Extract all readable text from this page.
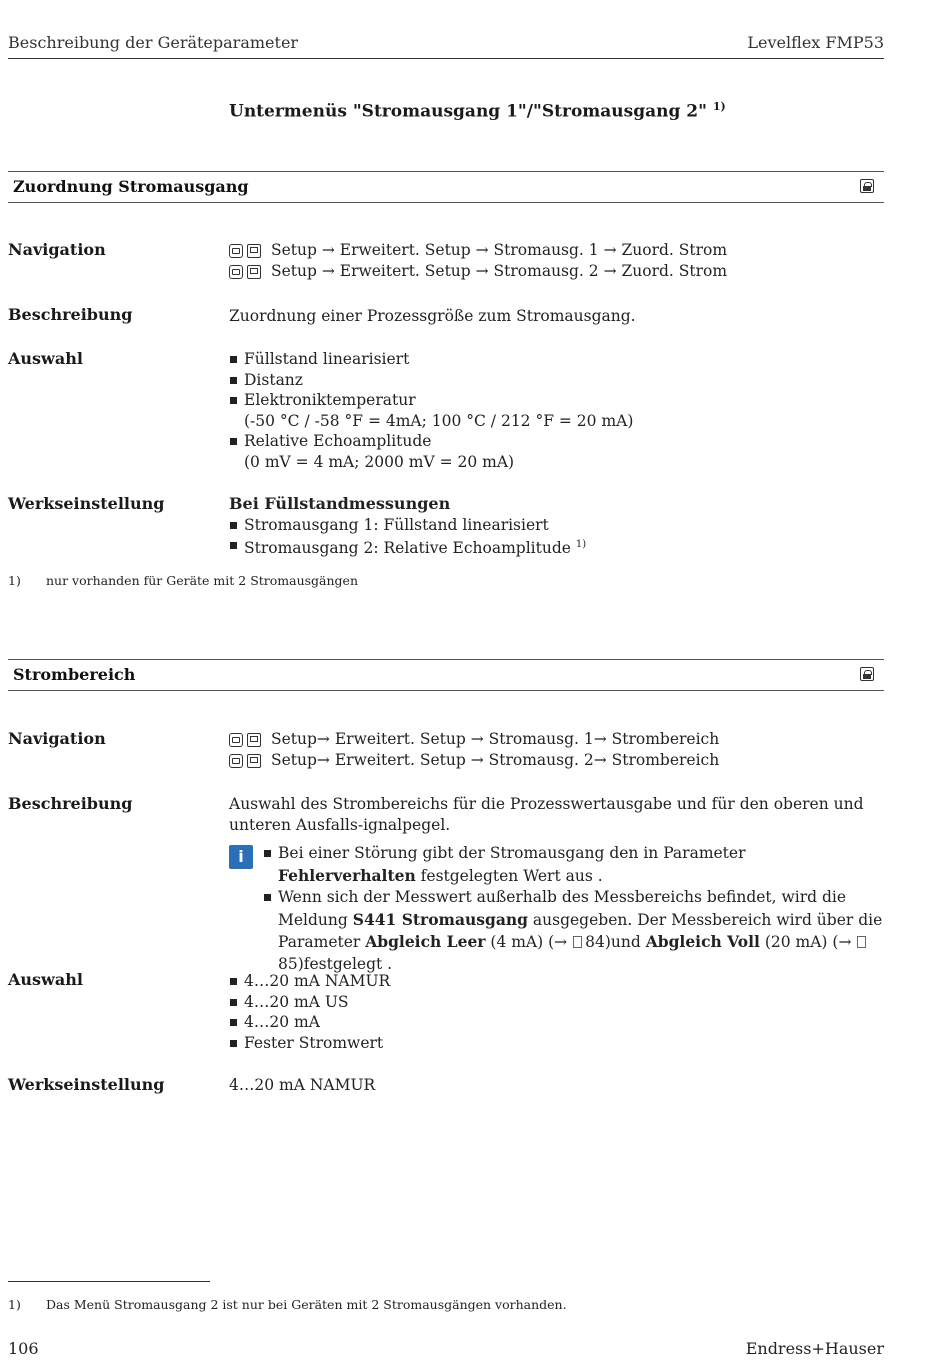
Beschreibung der Geräteparameter	Levelflex FMP53
Untermenüs "Stromausgang 1"/"Stromausgang 2" $^{1)}$
Zuordnung Stromausgang
Navigation	Setup → Erweitert. Setup → Stromausg. 1 → Zuord. Strom
Setup → Erweitert. Setup → Stromausg. 2 → Zuord. Strom
Beschreibung	Zuordnung einer Prozessgröße zum Stromausgang.
Auswahl	Füllstand linearisiert
Distanz
Elektroniktemperatur
(-50 °C / -58 °F = 4mA; 100 °C / 212 °F = 20 mA)
Relative Echoamplitude
(0 mV = 4 mA; 2000 mV = 20 mA)
Werkseinstellung	Bei Füllstandmessungen
Stromausgang 1: Füllstand linearisiert
Stromausgang 2: Relative Echoamplitude $^{1)}$
1) nur vorhanden für Geräte mit 2 Stromausgängen
Strombereich
Navigation	Setup→ Erweitert. Setup → Stromausg. 1→ Strombereich
Setup→ Erweitert. Setup → Stromausg. 2→ Strombereich
Beschreibung	Auswahl des Strombereichs für die Prozesswertausgabe und für den oberen und unteren Ausfalls-ignalpegel.
i	Bei einer Störung gibt der Stromausgang den in Parameter Fehlerverhalten festgelegten Wert aus .
Wenn sich der Messwert außerhalb des Messbereichs befindet, wird die Meldung S441 Stromausgang ausgegeben. Der Messbereich wird über die Parameter Abgleich Leer (4 mA) (→ 84)und Abgleich Voll (20 mA) (→85)festgelegt .
Auswahl	4…20 mA NAMUR
4…20 mA US
4…20 mA
Fester Stromwert
Werkseinstellung	4…20 mA NAMUR
1) Das Menü Stromausgang 2 ist nur bei Geräten mit 2 Stromausgängen vorhanden.
106	Endress+Hauser
